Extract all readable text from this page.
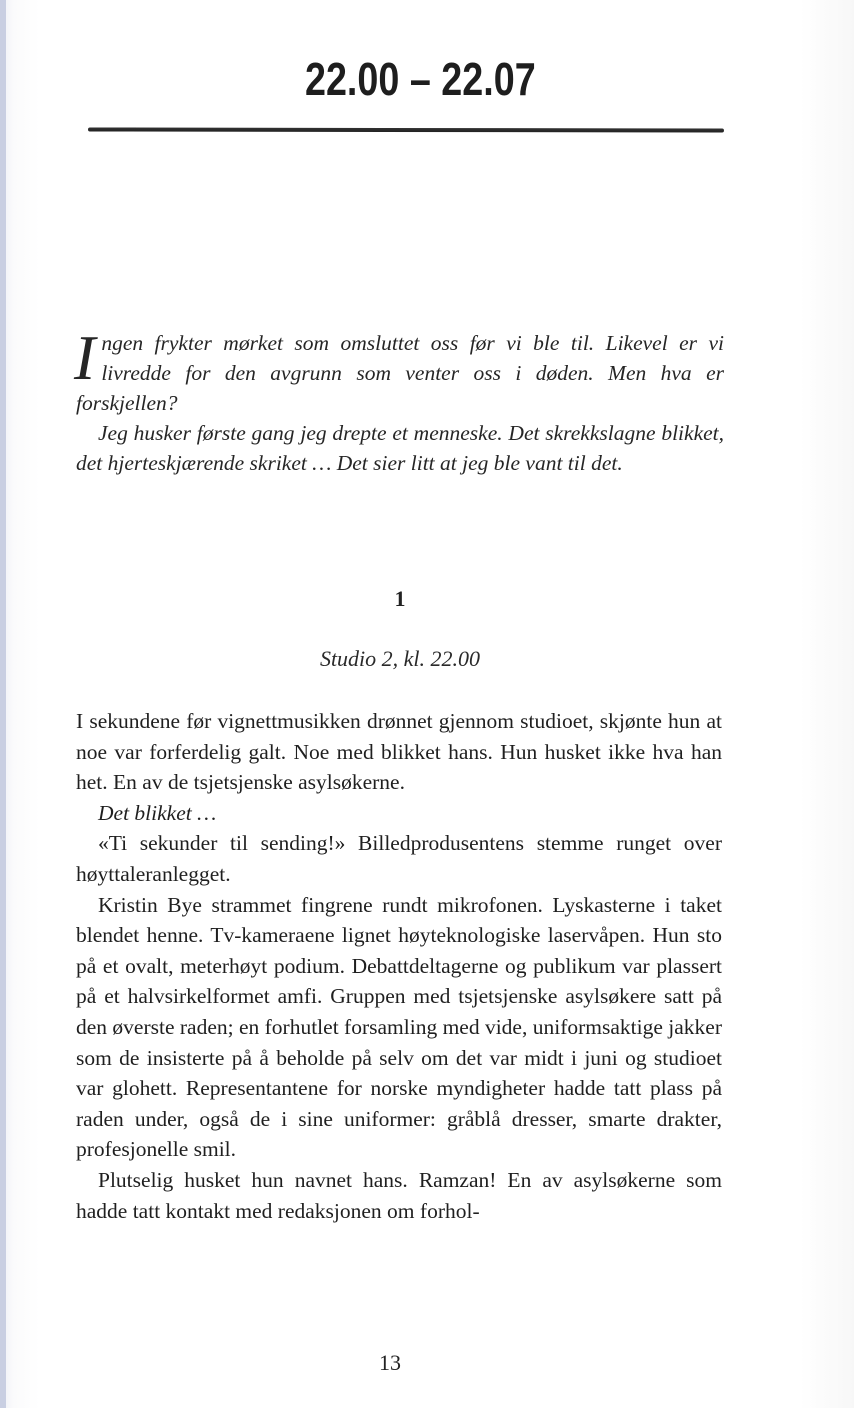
22.00 – 22.07

Ingen frykter mørket som omsluttet oss før vi ble til. Likevel er vi livredde for den avgrunn som venter oss i døden. Men hva er forskjellen?

Jeg husker første gang jeg drepte et menneske. Det skrekkslagne blikket, det hjerteskjærende skriket … Det sier litt at jeg ble vant til det.

1
Studio 2, kl. 22.00

I sekundene før vignettmusikken drønnet gjennom studioet, skjønte hun at noe var forferdelig galt. Noe med blikket hans. Hun husket ikke hva han het. En av de tsjetsjenske asylsøkerne.

Det blikket …

«Ti sekunder til sending!» Billedprodusentens stemme runget over høyttaleranlegget.

Kristin Bye strammet fingrene rundt mikrofonen. Lyskasterne i taket blendet henne. Tv-kameraene lignet høyteknologiske laservåpen. Hun sto på et ovalt, meterhøyt podium. Debattdeltagerne og publikum var plassert på et halvsirkelformet amfi. Gruppen med tsjetsjenske asylsøkere satt på den øverste raden; en forhutlet forsamling med vide, uniformsaktige jakker som de insisterte på å beholde på selv om det var midt i juni og studioet var glohett. Representantene for norske myndigheter hadde tatt plass på raden under, også de i sine uniformer: gråblå dresser, smarte drakter, profesjonelle smil.

Plutselig husket hun navnet hans. Ramzan! En av asylsøkerne som hadde tatt kontakt med redaksjonen om forhol-

13
